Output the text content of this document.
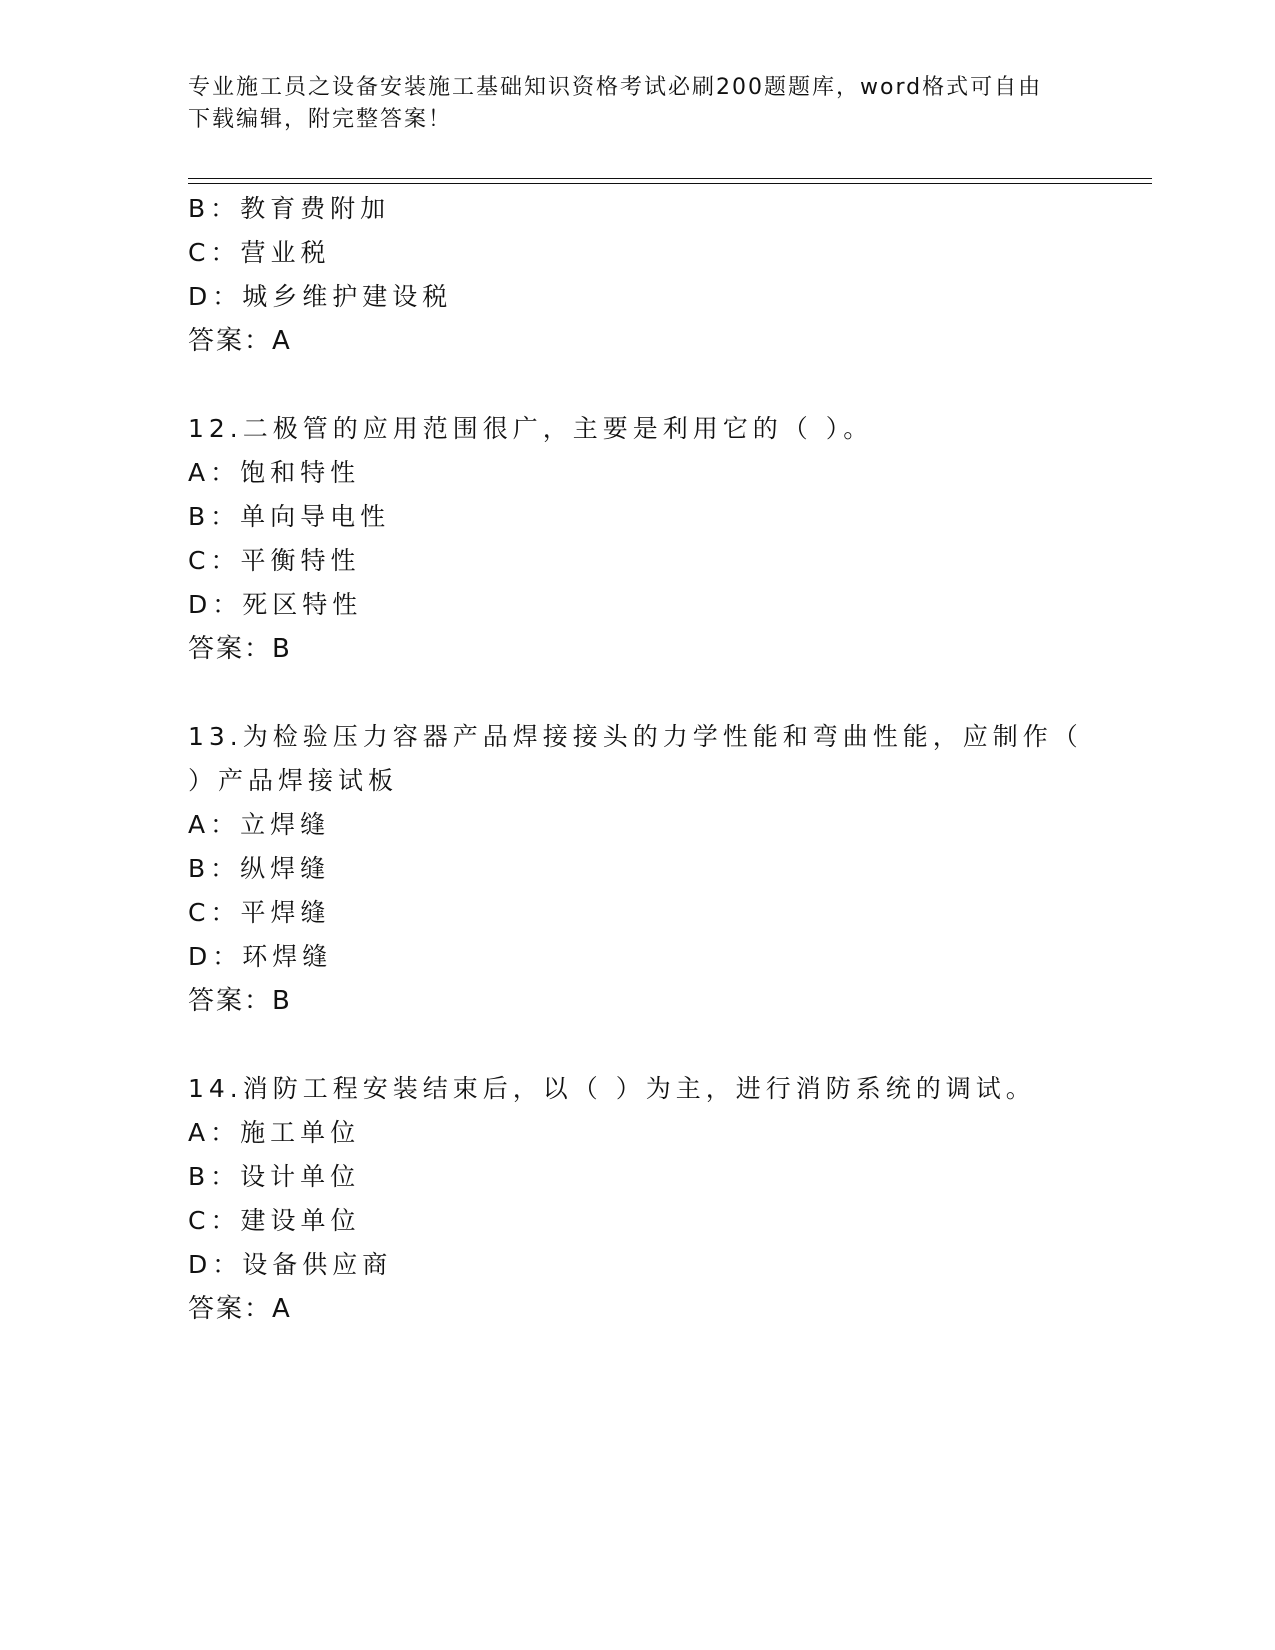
专业施工员之设备安装施工基础知识资格考试必刷200题题库，word格式可自由
下载编辑，附完整答案！
B：教育费附加
C：营业税
D：城乡维护建设税
答案：A
12.二极管的应用范围很广，主要是利用它的（ ）。
A：饱和特性
B：单向导电性
C：平衡特性
D：死区特性
答案：B
13.为检验压力容器产品焊接接头的力学性能和弯曲性能，应制作（
）产品焊接试板
A：立焊缝
B：纵焊缝
C：平焊缝
D：环焊缝
答案：B
14.消防工程安装结束后，以（ ）为主，进行消防系统的调试。
A：施工单位
B：设计单位
C：建设单位
D：设备供应商
答案：A
